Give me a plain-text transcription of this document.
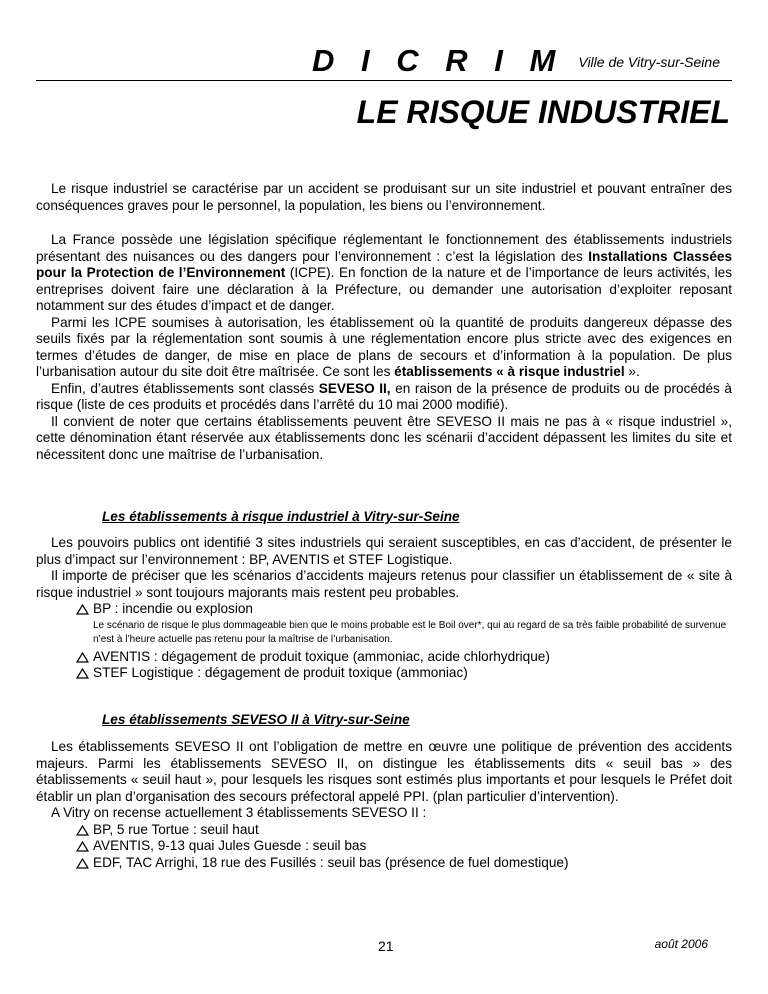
D I C R I M Ville de Vitry-sur-Seine
LE RISQUE INDUSTRIEL

Le risque industriel se caractérise par un accident se produisant sur un site industriel et pouvant entraîner des conséquences graves pour le personnel, la population, les biens ou l’environnement.

La France possède une législation spécifique réglementant le fonctionnement des établissements industriels présentant des nuisances ou des dangers pour l’environnement : c’est la législation des Installations Classées pour la Protection de l’Environnement (ICPE). En fonction de la nature et de l’importance de leurs activités, les entreprises doivent faire une déclaration à la Préfecture, ou demander une autorisation d’exploiter reposant notamment sur des études d’impact et de danger.

Parmi les ICPE soumises à autorisation, les établissement où la quantité de produits dangereux dépasse des seuils fixés par la réglementation sont soumis à une réglementation encore plus stricte avec des exigences en termes d’études de danger, de mise en place de plans de secours et d’information à la population. De plus l’urbanisation autour du site doit être maîtrisée. Ce sont les établissements « à risque industriel ».

Enfin, d’autres établissements sont classés SEVESO II, en raison de la présence de produits ou de procédés à risque (liste de ces produits et procédés dans l’arrêté du 10 mai 2000 modifié).

Il convient de noter que certains établissements peuvent être SEVESO II mais ne pas à « risque industriel », cette dénomination étant réservée aux établissements donc les scénarii d’accident dépassent les limites du site et nécessitent donc une maîtrise de l’urbanisation.

Les établissements à risque industriel à Vitry-sur-Seine

Les pouvoirs publics ont identifié 3 sites industriels qui seraient susceptibles, en cas d’accident, de présenter le plus d’impact sur l’environnement : BP, AVENTIS et STEF Logistique.

Il importe de préciser que les scénarios d’accidents majeurs retenus pour classifier un établissement de « site à risque industriel » sont toujours majorants mais restent peu probables.

BP : incendie ou explosion
Le scénario de risque le plus dommageable bien que le moins probable est le Boil over*, qui au regard de sa très faible probabilité de survenue n’est à l’heure actuelle pas retenu pour la maîtrise de l’urbanisation.
AVENTIS : dégagement de produit toxique (ammoniac, acide chlorhydrique)
STEF Logistique : dégagement de produit toxique (ammoniac)
Les établissements SEVESO II à Vitry-sur-Seine

Les établissements SEVESO II ont l’obligation de mettre en œuvre une politique de prévention des accidents majeurs. Parmi les établissements SEVESO II, on distingue les établissements dits « seuil bas » des établissements « seuil haut », pour lesquels les risques sont estimés plus importants et pour lesquels le Préfet doit établir un plan d’organisation des secours préfectoral appelé PPI. (plan particulier d’intervention).

A Vitry on recense actuellement 3 établissements SEVESO II :

BP, 5 rue Tortue : seuil haut
AVENTIS, 9-13 quai Jules Guesde : seuil bas
EDF, TAC Arrighi, 18 rue des Fusillés : seuil bas (présence de fuel domestique)
21	août 2006
